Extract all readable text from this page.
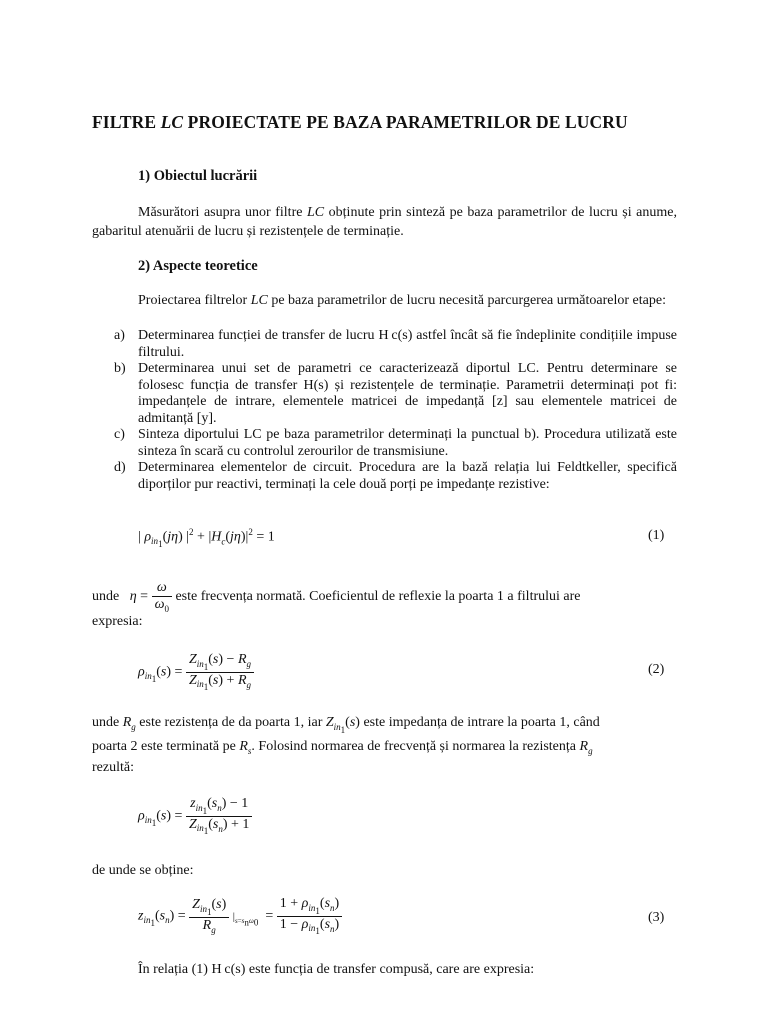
FILTRE LC PROIECTATE PE BAZA PARAMETRILOR DE LUCRU
1) Obiectul lucrării
Măsurători asupra unor filtre LC obținute prin sinteză pe baza parametrilor de lucru și anume, gabaritul atenuării de lucru și rezistențele de terminație.
2) Aspecte teoretice
Proiectarea filtrelor LC pe baza parametrilor de lucru necesită parcurgerea următoarelor etape:
a) Determinarea funcției de transfer de lucru H c(s) astfel încât să fie îndeplinite condițiile impuse filtrului.
b) Determinarea unui set de parametri ce caracterizează diportul LC. Pentru determinare se folosesc funcția de transfer H(s) și rezistențele de terminație. Parametrii determinați pot fi: impedanțele de intrare, elementele matricei de impedanță [z] sau elementele matricei de admitanță [y].
c) Sinteza diportului LC pe baza parametrilor determinați la punctual b). Procedura utilizată este sinteza în scară cu controlul zerourilor de transmisiune.
d) Determinarea elementelor de circuit. Procedura are la bază relația lui Feldtkeller, specifică diporților pur reactivi, terminați la cele două porți pe impedanțe rezistive:
| $\rho_{in_1}(j\eta) |^2 + |H_c(j\eta)|^2 = 1$	(1)
unde $\eta = \frac{\omega}{\omega_0}$ este frecvența normată. Coeficientul de reflexie la poarta 1 a filtrului are
expresia:
$\rho_{in_1}(s) = \frac{Z_{in_1}(s) - R_g}{Z_{in_1}(s) + R_g}$	(2)
unde $R_g$ este rezistența de da poarta 1, iar $Z_{in_1}(s)$ este impedanța de intrare la poarta 1, când
poarta 2 este terminată pe $R_s$. Folosind normarea de frecvență și normarea la rezistența $R_g$
rezultă:
$\rho_{in_1}(s) = \frac{z_{in_1}(s_n) - 1}{Z_{in_1}(s_n) + 1}$
de unde se obține:
$z_{in_1}(s_n) = \frac{Z_{in_1}(s)}{R_g} |_{s=s_n\omega_0} = \frac{1 + \rho_{in_1}(s_n)}{1 - \rho_{in_1}(s_n)}$	(3)
În relația (1) H c(s) este funcția de transfer compusă, care are expresia:
